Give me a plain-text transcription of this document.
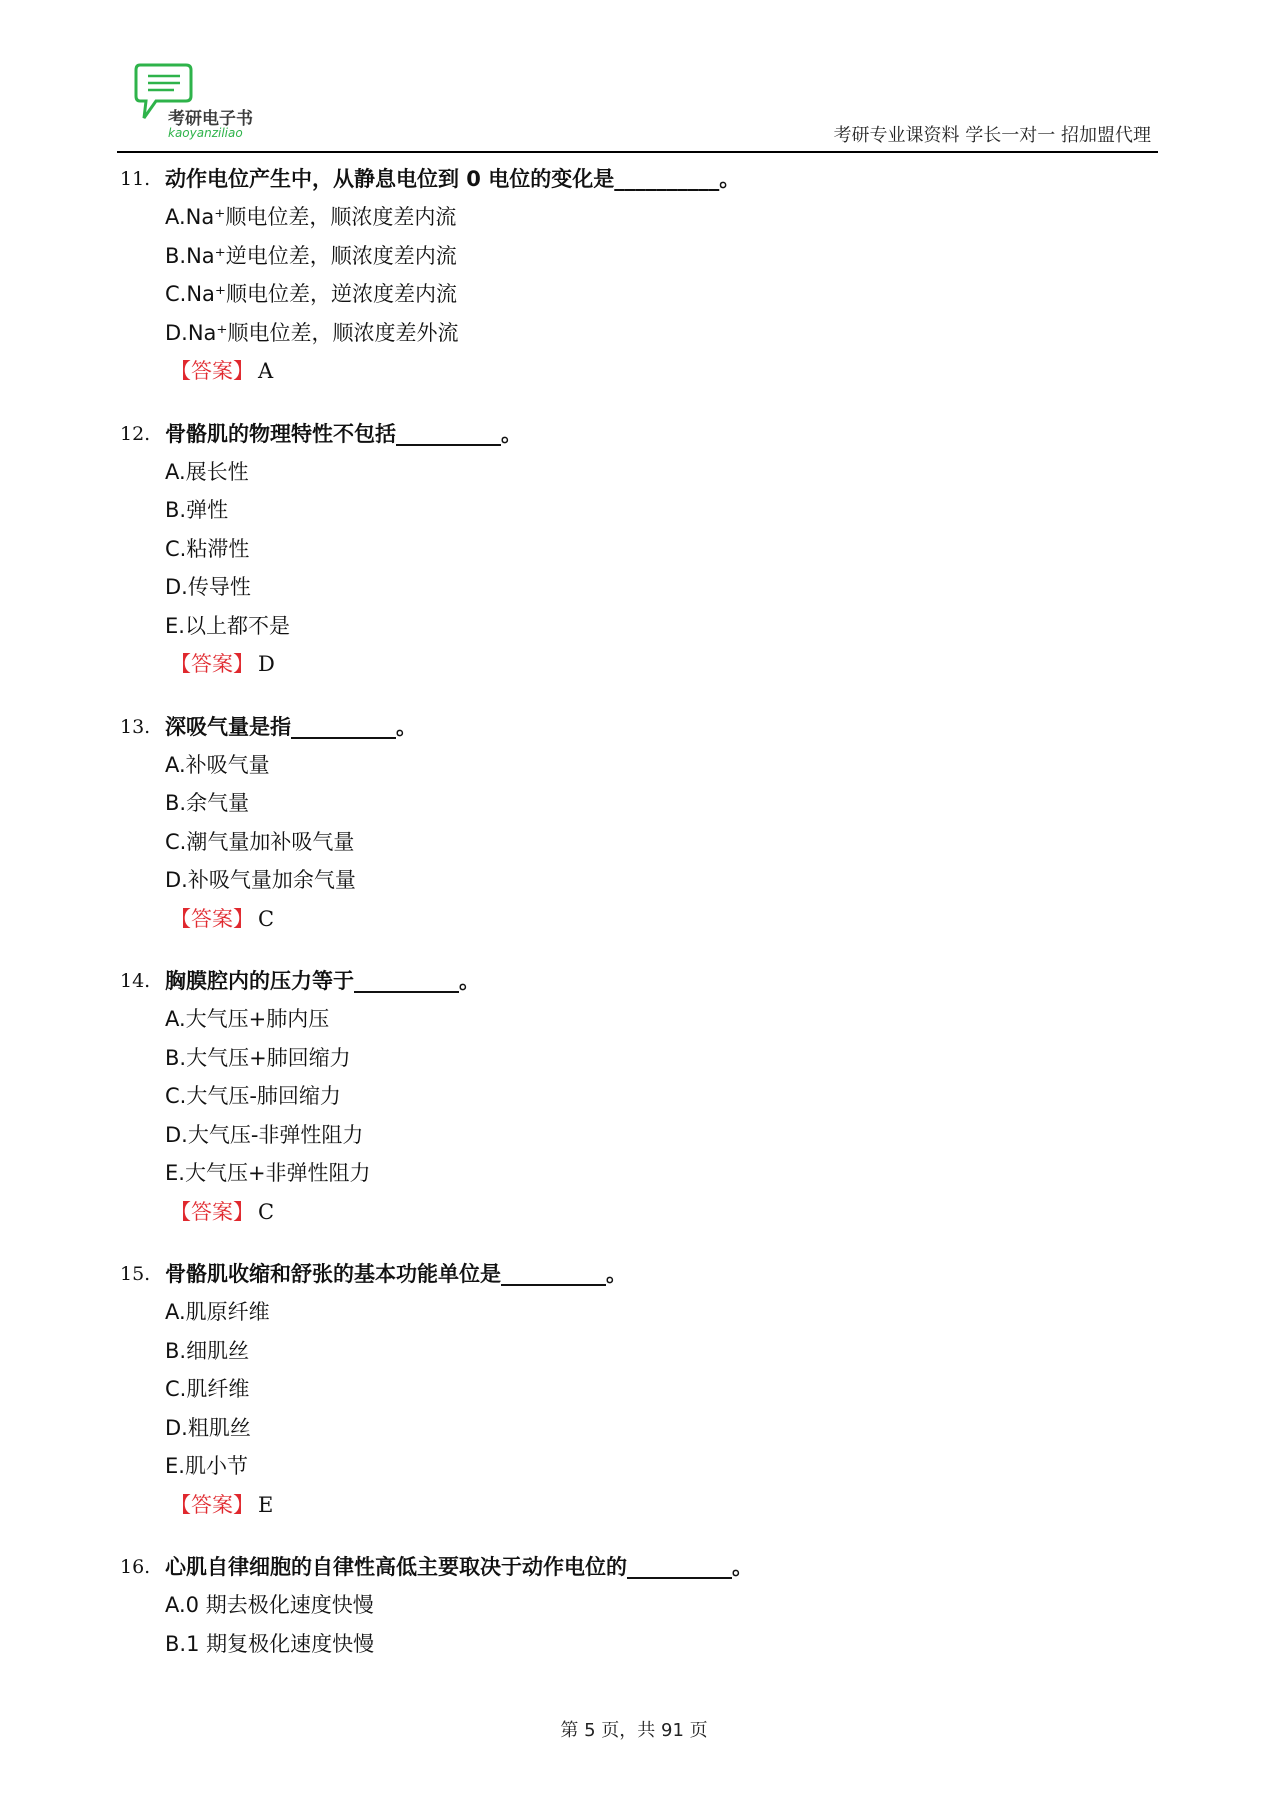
考研电子书
kaoyanziliao	考研专业课资料 学长一对一 招加盟代理
11. 动作电位产生中，从静息电位到 0 电位的变化是__________。
A.Na⁺顺电位差，顺浓度差内流
B.Na⁺逆电位差，顺浓度差内流
C.Na⁺顺电位差，逆浓度差内流
D.Na⁺顺电位差，顺浓度差外流
【答案】 A
12. 骨骼肌的物理特性不包括__________。
A.展长性
B.弹性
C.粘滞性
D.传导性
E.以上都不是
【答案】 D
13. 深吸气量是指__________。
A.补吸气量
B.余气量
C.潮气量加补吸气量
D.补吸气量加余气量
【答案】 C
14. 胸膜腔内的压力等于__________。
A.大气压+肺内压
B.大气压+肺回缩力
C.大气压-肺回缩力
D.大气压-非弹性阻力
E.大气压+非弹性阻力
【答案】 C
15. 骨骼肌收缩和舒张的基本功能单位是__________。
A.肌原纤维
B.细肌丝
C.肌纤维
D.粗肌丝
E.肌小节
【答案】 E
16. 心肌自律细胞的自律性高低主要取决于动作电位的__________。
A.0 期去极化速度快慢
B.1 期复极化速度快慢
第 5 页，共 91 页
